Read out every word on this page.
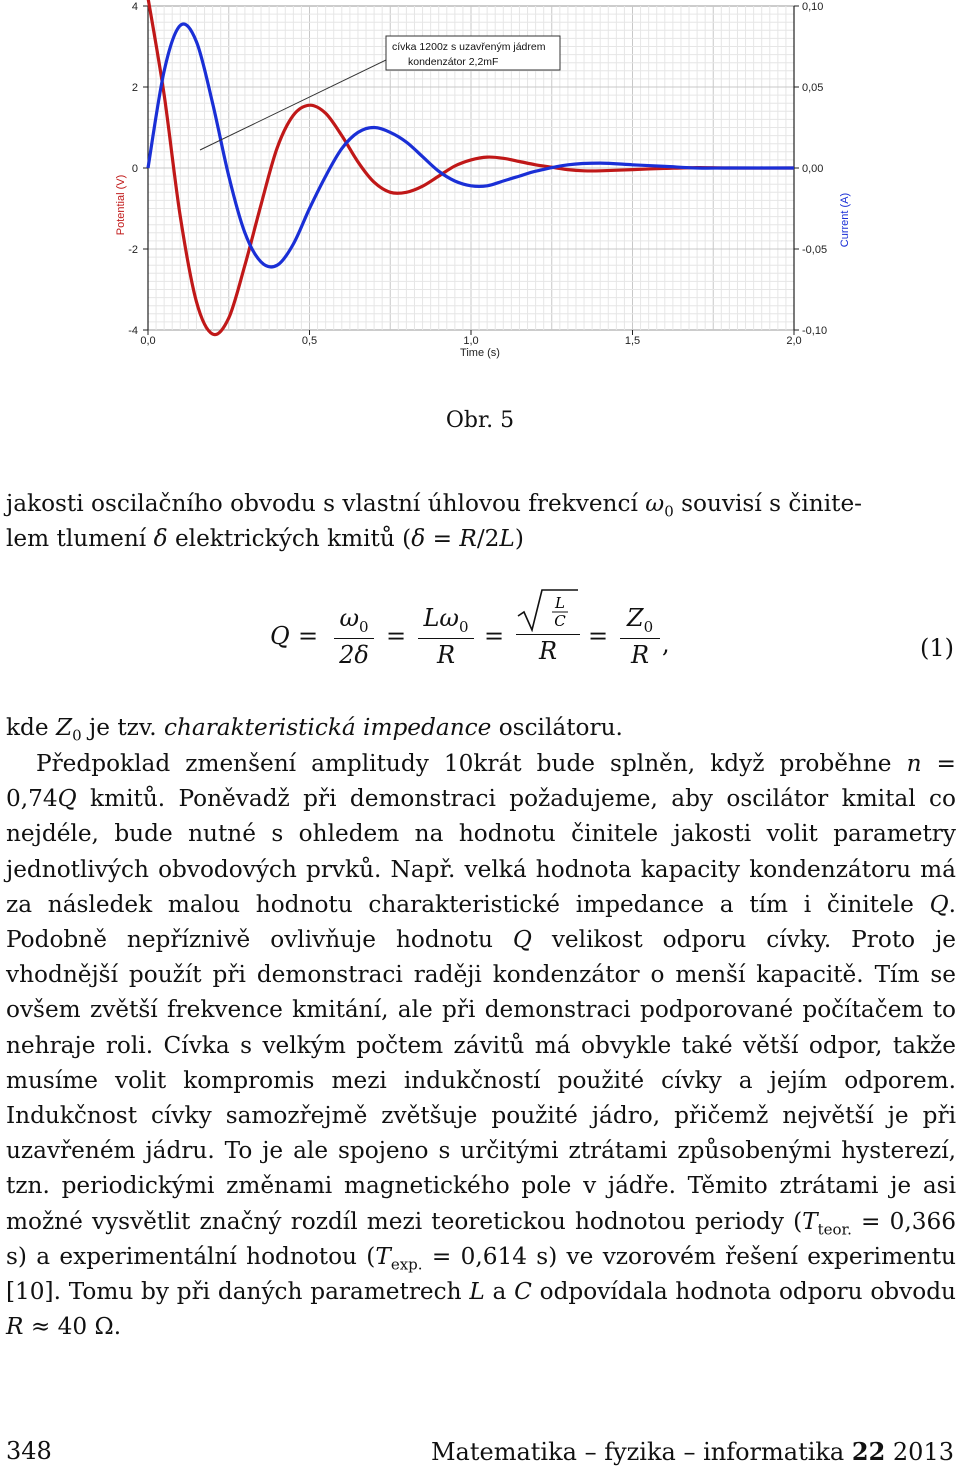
0,0	0,5	1,0	1,5	2,0
4
2
0
-2
-4
0,10
0,05
0,00
-0,05
-0,10
cívka 1200z s uzavřeným jádrem
kondenzátor 2,2mF
Time (s)
Potential (V)	Current (A)
Obr. 5

jakosti oscilačního obvodu s vlastní úhlovou frekvencí $\omega_0$ souvisí s činite-
lem tlumení δ elektrických kmitů (δ = R/2L)

Q =
$\omega_0$
2δ
=
$L\omega_0$
R
=
L
C
R
=
$Z_0$
R ,	(1)

kde $Z_0$ je tzv. charakteristická impedance oscilátoru.

Předpoklad zmenšení amplitudy 10krát bude splněn, když proběhne n = 0,74Q kmitů. Poněvadž při demonstraci požadujeme, aby oscilátor kmital co nejdéle, bude nutné s ohledem na hodnotu činitele jakosti volit parametry jednotlivých obvodových prvků. Např. velká hodnota kapacity kondenzátoru má za následek malou hodnotu charakteristické impedance a tím i činitele Q. Podobně nepříznivě ovlivňuje hodnotu Q velikost odporu cívky. Proto je vhodnější použít při demonstraci raději kondenzátor o menší kapacitě. Tím se ovšem zvětší frekvence kmitání, ale při demonstraci podporované počítačem to nehraje roli. Cívka s velkým počtem závitů má obvykle také větší odpor, takže musíme volit kompromis mezi indukčností použité cívky a jejím odporem. Indukčnost cívky samozřejmě zvětšuje použité jádro, přičemž největší je při uzavřeném jádru. To je ale spojeno s určitými ztrátami způsobenými hysterezí, tzn. periodickými změnami magnetického pole v jádře. Těmito ztrátami je asi možné vysvětlit značný rozdíl mezi teoretickou hodnotou periody ($T_{teor.} = 0,366$ s) a experimentální hodnotou ($T_{exp.} = 0,614$ s) ve vzorovém řešení experimentu [10]. Tomu by při daných parametrech L a C odpovídala hodnota odporu obvodu R ≈ 40 Ω.

348	Matematika – fyzika – informatika 22 2013
